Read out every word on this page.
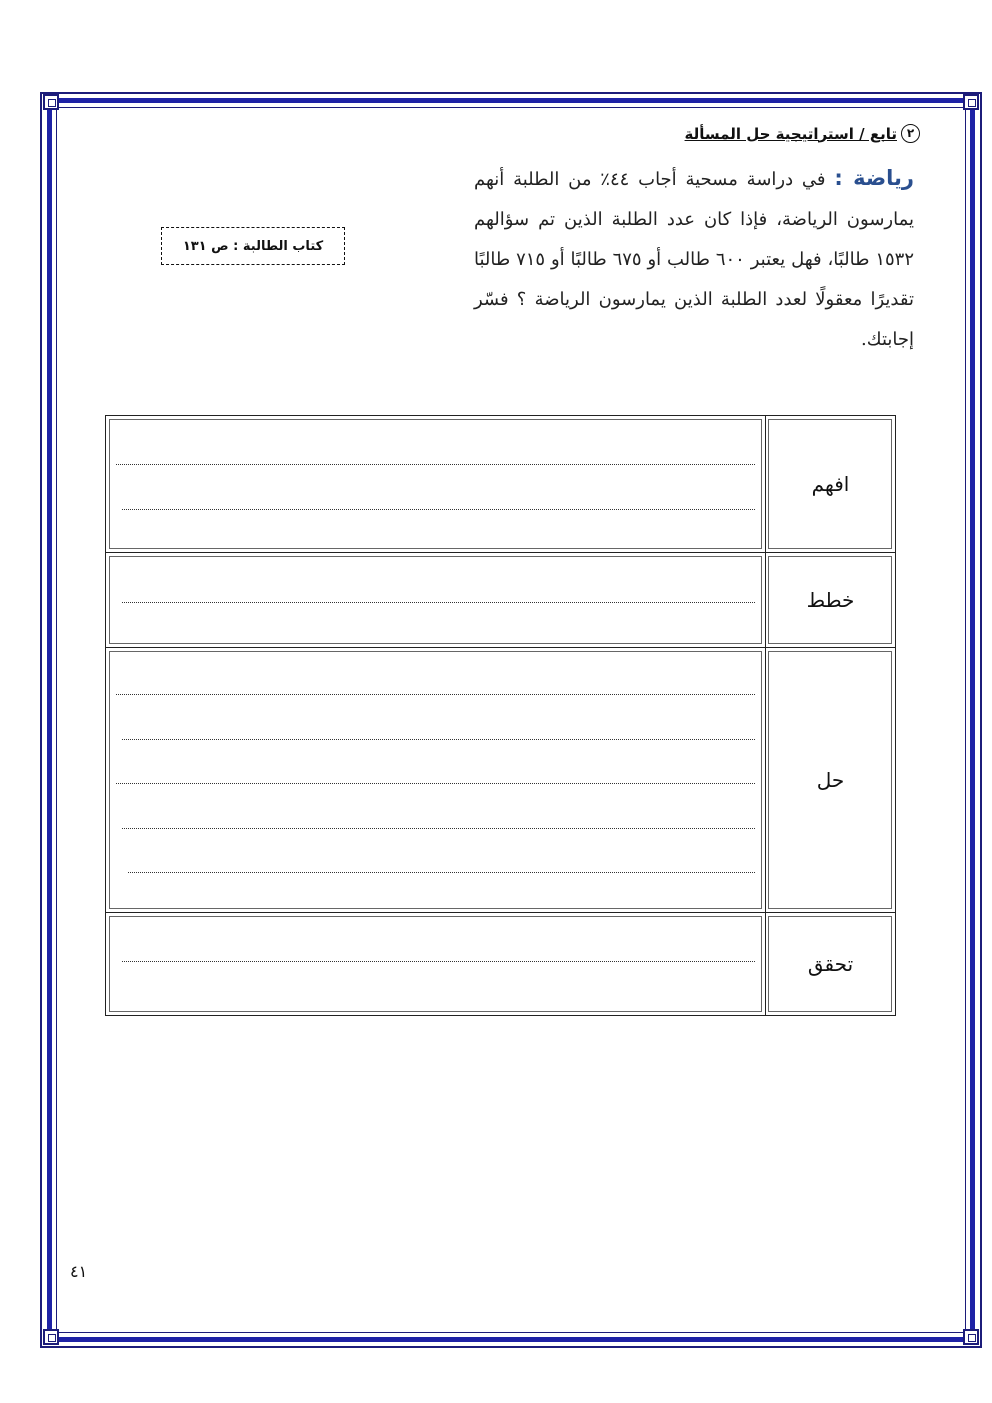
٢
تابع / استراتيجية حل المسألة
رياضة : في دراسة مسحية أجاب ٤٤٪ من الطلبة أنهم يمارسون الرياضة، فإذا كان عدد الطلبة الذين تم سؤالهم ١٥٣٢ طالبًا، فهل يعتبر ٦٠٠ طالب أو ٦٧٥ طالبًا أو ٧١٥ طالبًا تقديرًا معقولًا لعدد الطلبة الذين يمارسون الرياضة ؟ فسّر إجابتك.
كتاب الطالبة : ص ١٣١
افهم
خطط
حل
تحقق
٤١
